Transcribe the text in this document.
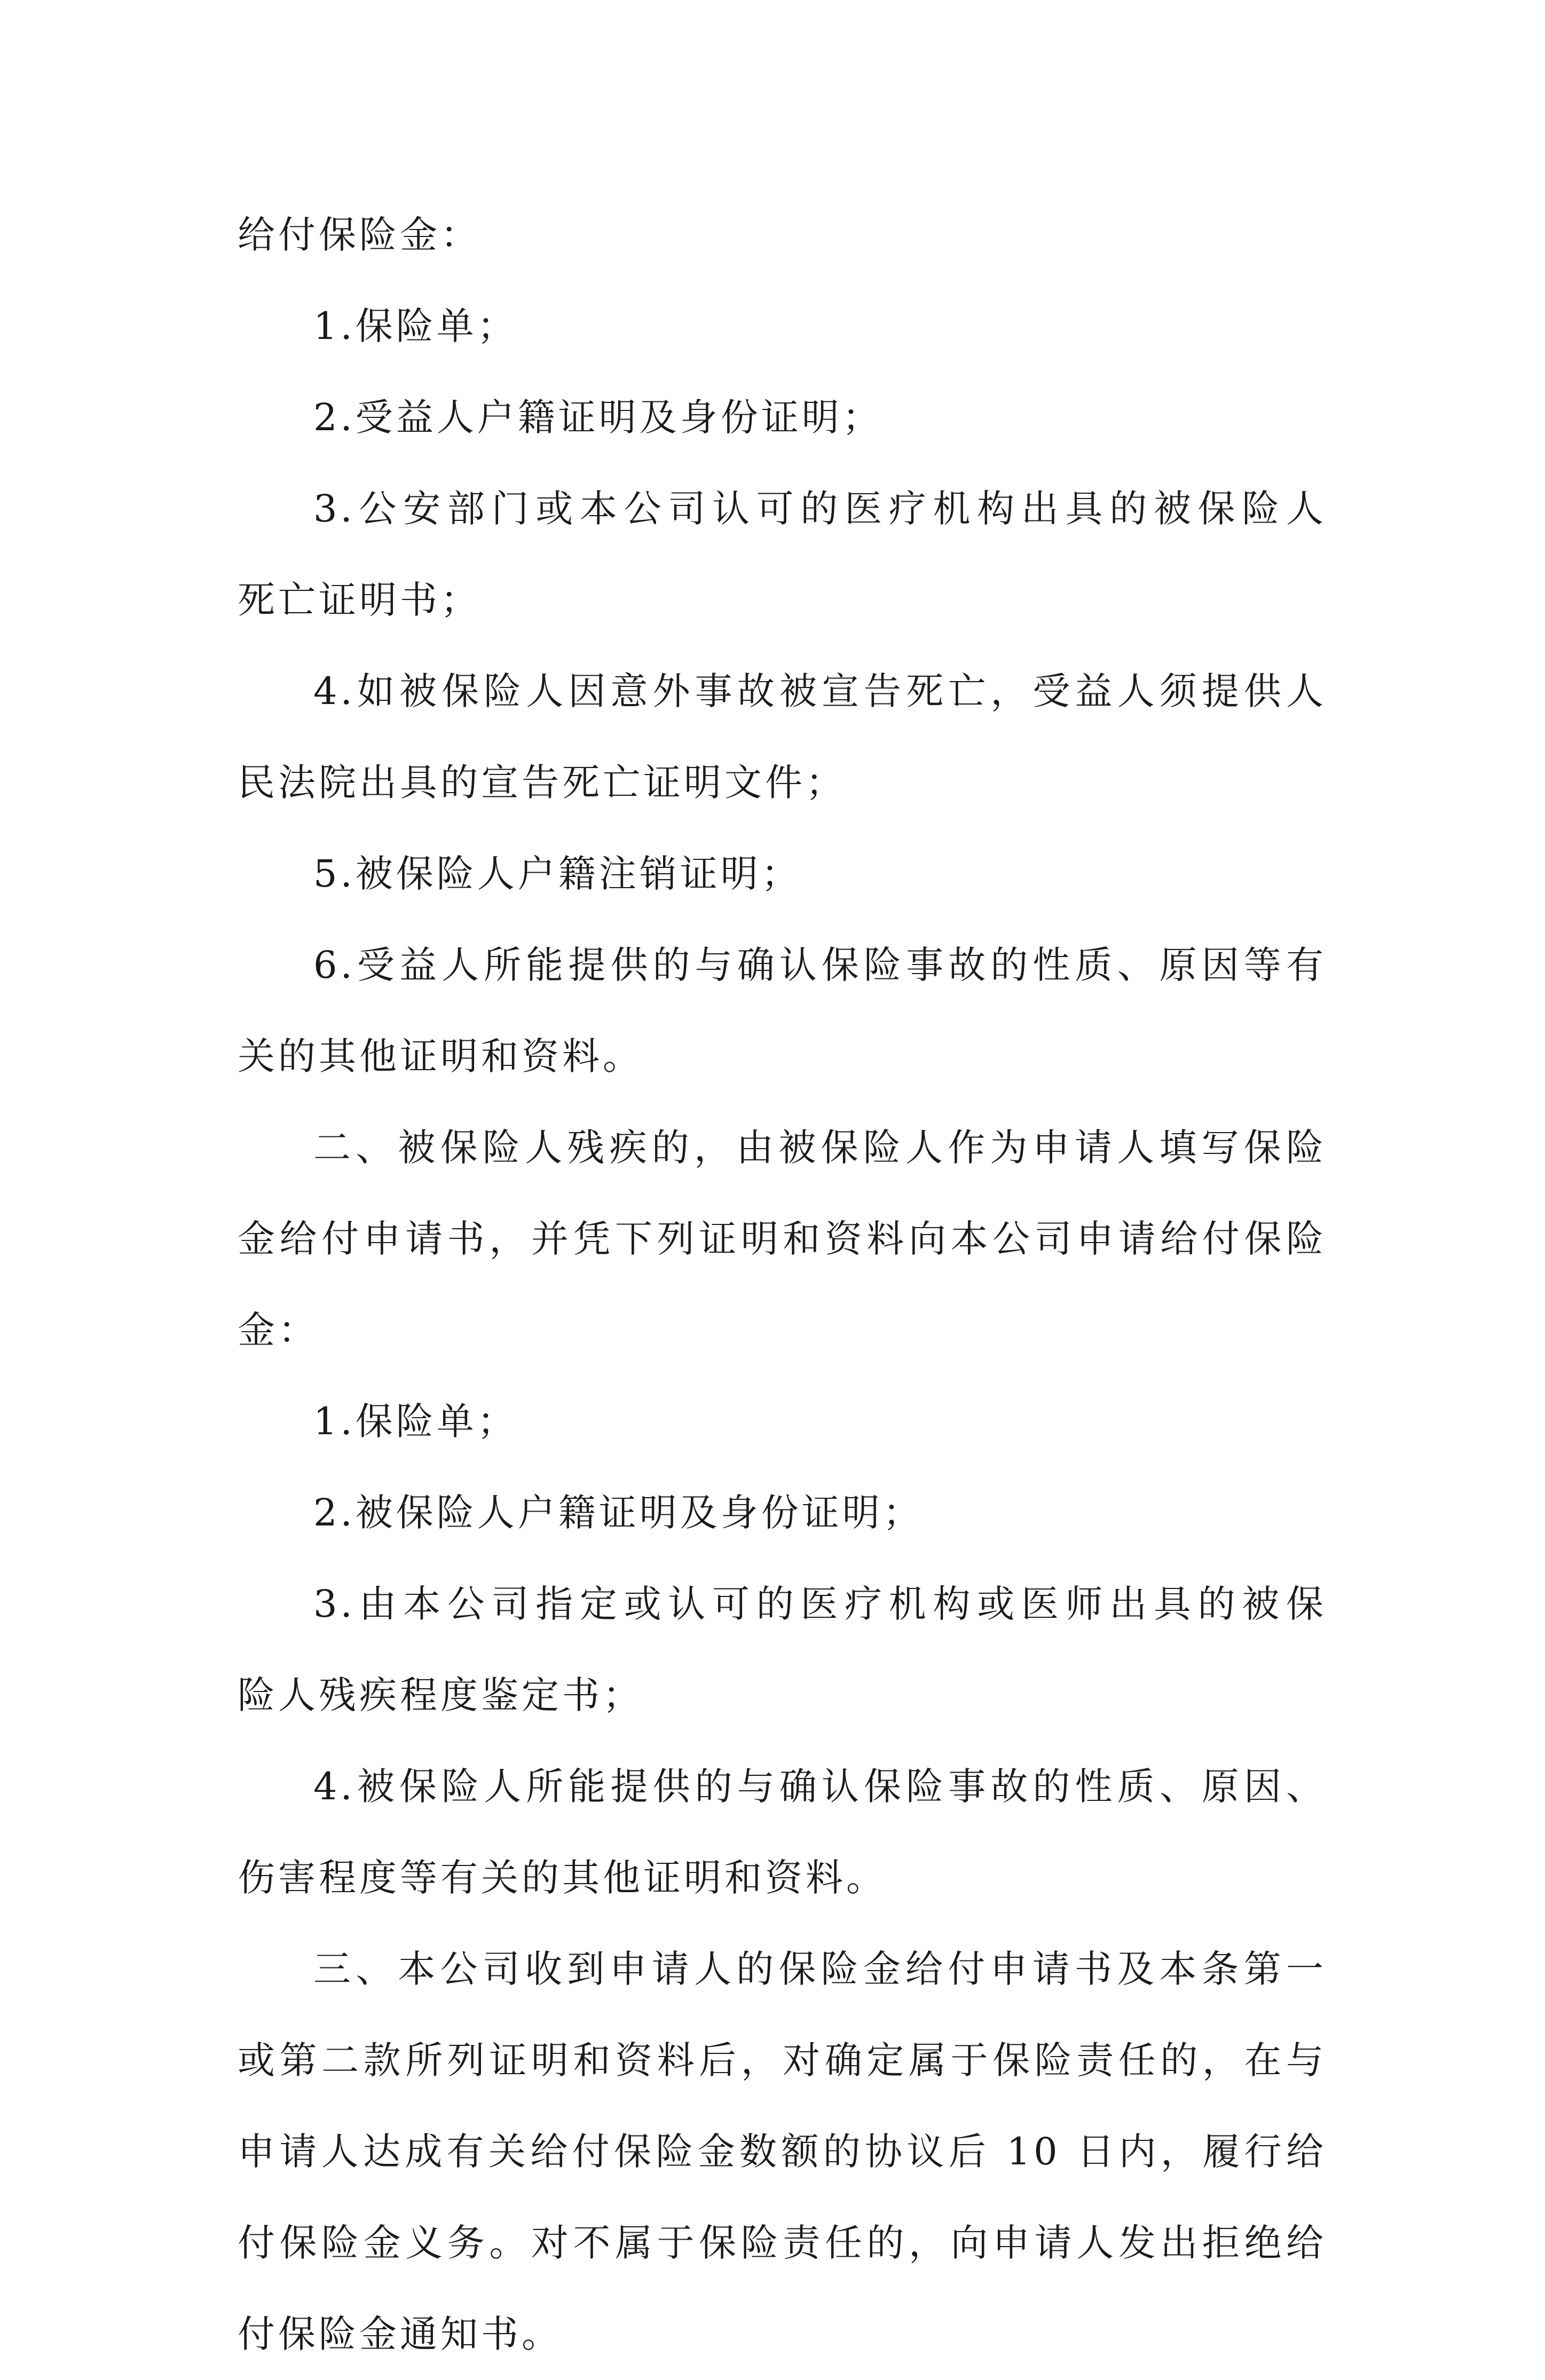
给付保险金：
1.保险单；
2.受益人户籍证明及身份证明；
3.公安部门或本公司认可的医疗机构出具的被保险人
死亡证明书；
4.如被保险人因意外事故被宣告死亡，受益人须提供人
民法院出具的宣告死亡证明文件；
5.被保险人户籍注销证明；
6.受益人所能提供的与确认保险事故的性质、原因等有
关的其他证明和资料。
二、被保险人残疾的，由被保险人作为申请人填写保险
金给付申请书，并凭下列证明和资料向本公司申请给付保险
金：
1.保险单；
2.被保险人户籍证明及身份证明；
3.由本公司指定或认可的医疗机构或医师出具的被保
险人残疾程度鉴定书；
4.被保险人所能提供的与确认保险事故的性质、原因、
伤害程度等有关的其他证明和资料。
三、本公司收到申请人的保险金给付申请书及本条第一
或第二款所列证明和资料后，对确定属于保险责任的，在与
申请人达成有关给付保险金数额的协议后 10 日内，履行给
付保险金义务。对不属于保险责任的，向申请人发出拒绝给
付保险金通知书。
